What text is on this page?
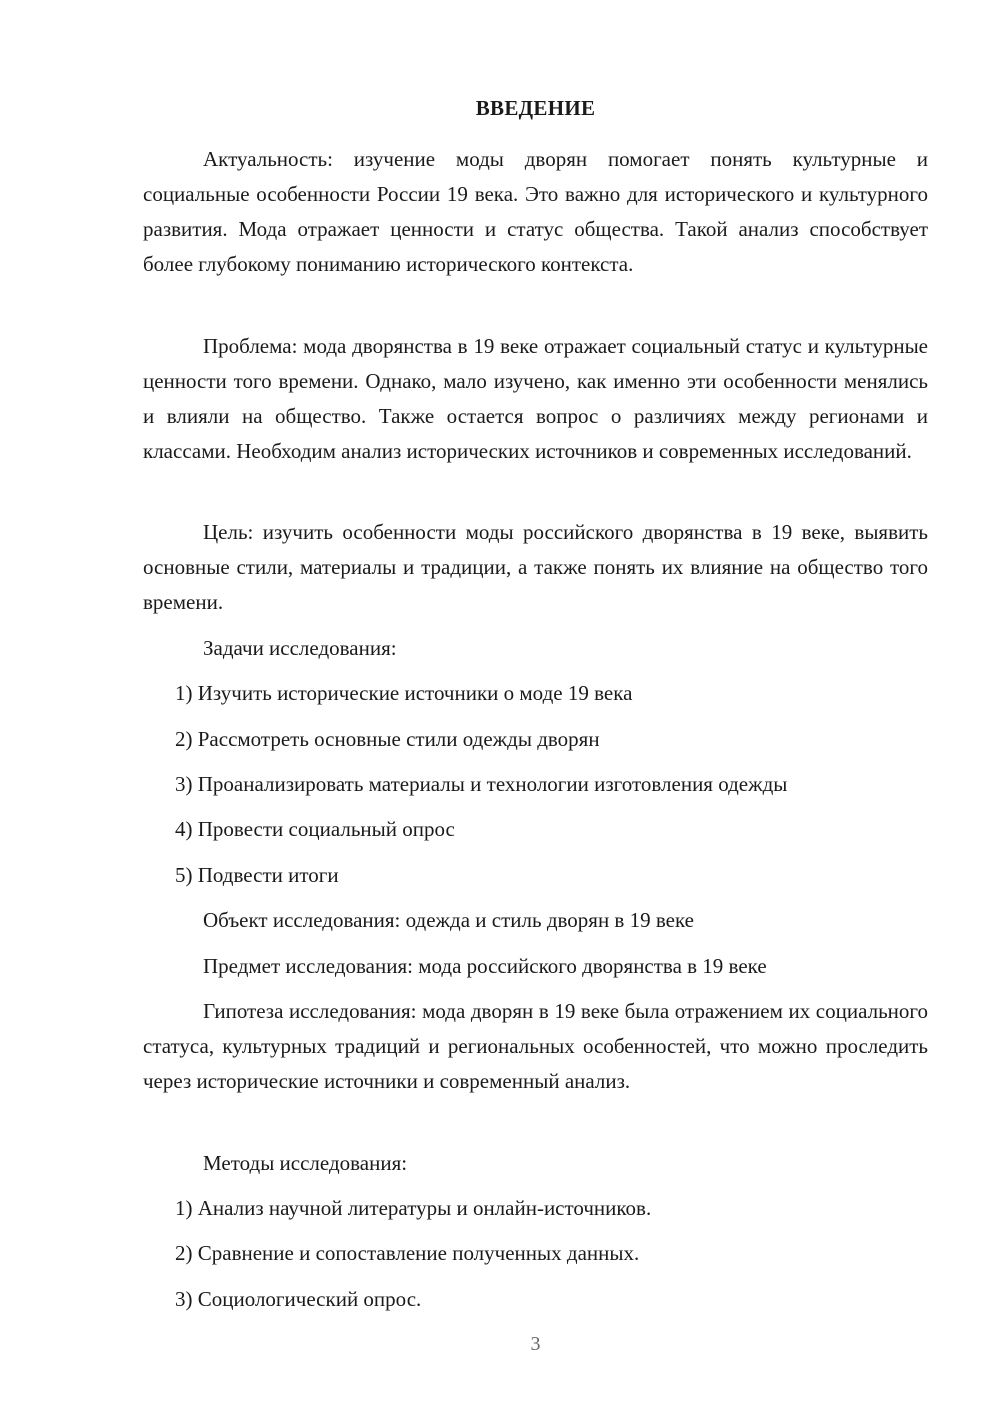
ВВЕДЕНИЕ

Актуальность: изучение моды дворян помогает понять культурные и социальные особенности России 19 века. Это важно для исторического и культурного развития. Мода отражает ценности и статус общества. Такой анализ способствует более глубокому пониманию исторического контекста.

Проблема: мода дворянства в 19 веке отражает социальный статус и культурные ценности того времени. Однако, мало изучено, как именно эти особенности менялись и влияли на общество. Также остается вопрос о различиях между регионами и классами. Необходим анализ исторических источников и современных исследований.

Цель: изучить особенности моды российского дворянства в 19 веке, выявить основные стили, материалы и традиции, а также понять их влияние на общество того времени.

Задачи исследования:

1) Изучить исторические источники о моде 19 века

2) Рассмотреть основные стили одежды дворян

3) Проанализировать материалы и технологии изготовления одежды

4) Провести социальный опрос

5) Подвести итоги

Объект исследования: одежда и стиль дворян в 19 веке

Предмет исследования: мода российского дворянства в 19 веке

Гипотеза исследования: мода дворян в 19 веке была отражением их социального статуса, культурных традиций и региональных особенностей, что можно проследить через исторические источники и современный анализ.

Методы исследования:

1) Анализ научной литературы и онлайн-источников.

2) Сравнение и сопоставление полученных данных.

3) Социологический опрос.

3
